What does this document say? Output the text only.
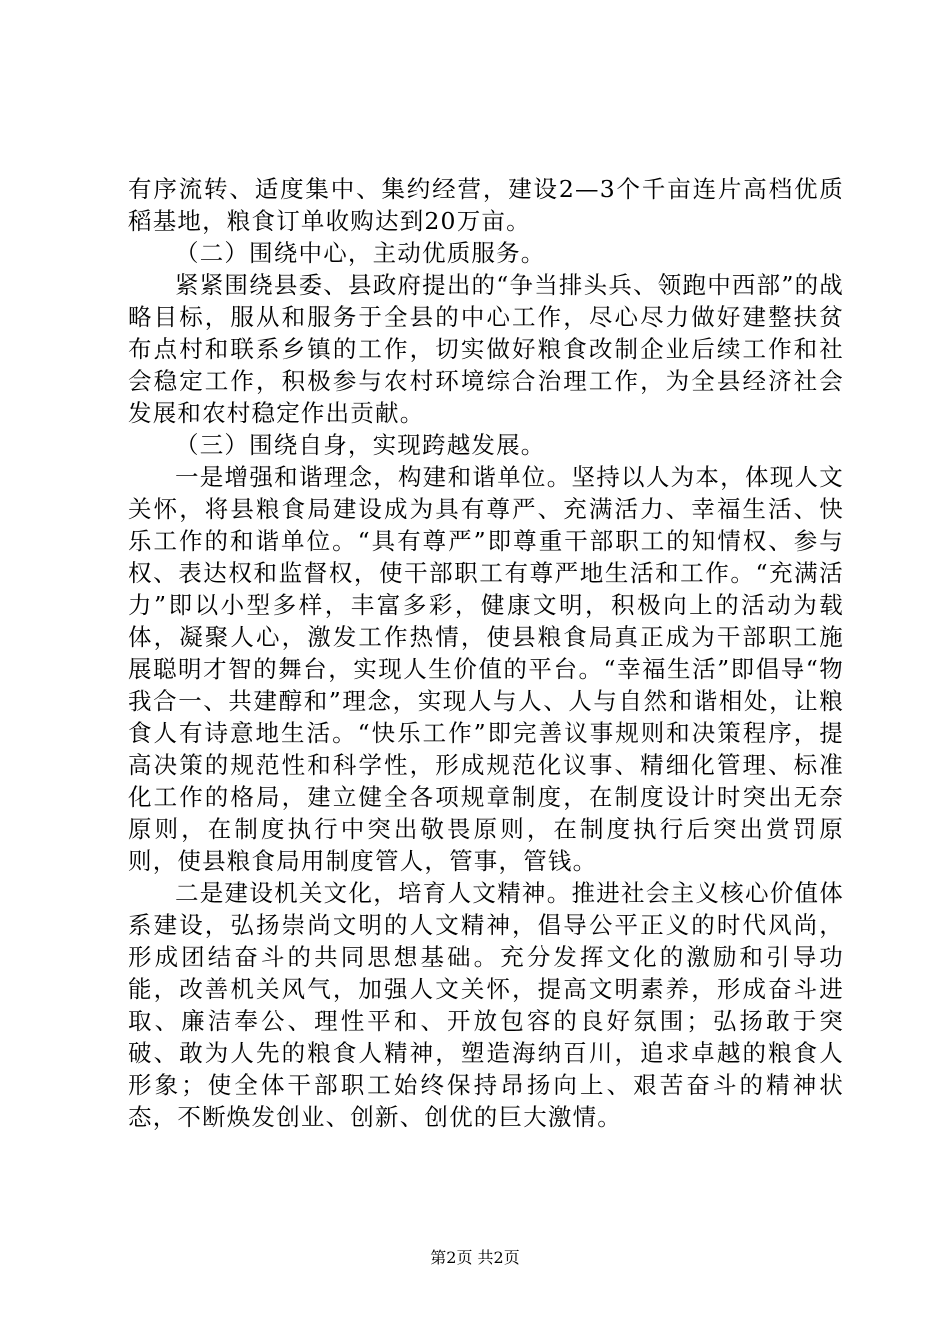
有序流转、适度集中、集约经营，建设2—3个千亩连片高档优质稻基地，粮食订单收购达到20万亩。

（二）围绕中心，主动优质服务。

紧紧围绕县委、县政府提出的“争当排头兵、领跑中西部”的战略目标，服从和服务于全县的中心工作，尽心尽力做好建整扶贫布点村和联系乡镇的工作，切实做好粮食改制企业后续工作和社会稳定工作，积极参与农村环境综合治理工作，为全县经济社会发展和农村稳定作出贡献。

（三）围绕自身，实现跨越发展。

一是增强和谐理念，构建和谐单位。坚持以人为本，体现人文关怀，将县粮食局建设成为具有尊严、充满活力、幸福生活、快乐工作的和谐单位。“具有尊严”即尊重干部职工的知情权、参与权、表达权和监督权，使干部职工有尊严地生活和工作。“充满活力”即以小型多样，丰富多彩，健康文明，积极向上的活动为载体，凝聚人心，激发工作热情，使县粮食局真正成为干部职工施展聪明才智的舞台，实现人生价值的平台。“幸福生活”即倡导“物我合一、共建醇和”理念，实现人与人、人与自然和谐相处，让粮食人有诗意地生活。“快乐工作”即完善议事规则和决策程序，提高决策的规范性和科学性，形成规范化议事、精细化管理、标准化工作的格局，建立健全各项规章制度，在制度设计时突出无奈原则，在制度执行中突出敬畏原则，在制度执行后突出赏罚原则，使县粮食局用制度管人，管事，管钱。

二是建设机关文化，培育人文精神。推进社会主义核心价值体系建设，弘扬崇尚文明的人文精神，倡导公平正义的时代风尚，形成团结奋斗的共同思想基础。充分发挥文化的激励和引导功能，改善机关风气，加强人文关怀，提高文明素养，形成奋斗进取、廉洁奉公、理性平和、开放包容的良好氛围；弘扬敢于突破、敢为人先的粮食人精神，塑造海纳百川，追求卓越的粮食人形象；使全体干部职工始终保持昂扬向上、艰苦奋斗的精神状态，不断焕发创业、创新、创优的巨大激情。

第2页 共2页
